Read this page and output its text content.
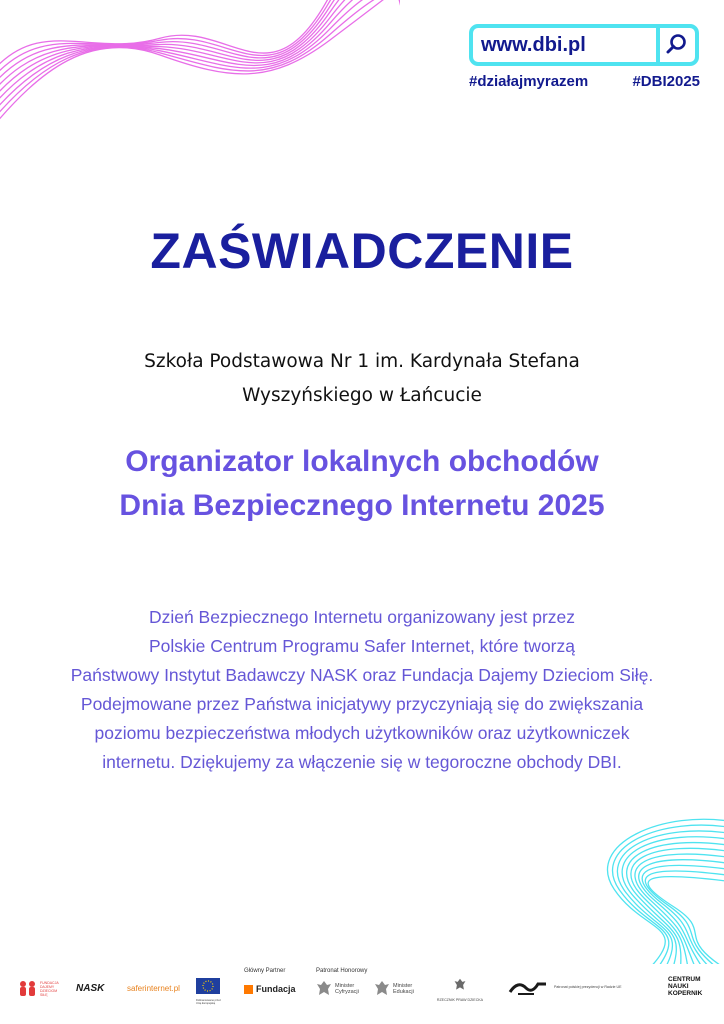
www.dbi.pl
#działajmyrazem	#DBI2025
ZAŚWIADCZENIE
Szkoła Podstawowa Nr 1 im. Kardynała Stefana
Wyszyńskiego w Łańcucie
Organizator lokalnych obchodów
Dnia Bezpiecznego Internetu 2025
Dzień Bezpiecznego Internetu organizowany jest przez
Polskie Centrum Programu Safer Internet, które tworzą
Państwowy Instytut Badawczy NASK oraz Fundacja Dajemy Dzieciom Siłę.
Podejmowane przez Państwa inicjatywy przyczyniają się do zwiększania
poziomu bezpieczeństwa młodych użytkowników oraz użytkowniczek
internetu. Dziękujemy za włączenie się w tegoroczne obchody DBI.
FUNDACJA DAJEMY DZIECIOM SIŁĘ
NASK	saferinternet.pl
Dofinansowane przez Unię Europejską
Główny Partner
Fundacja
Patronat Honorowy
Minister Cyfryzacji
Minister Edukacji
RZECZNIK PRAW DZIECKA
Patronat polskiej prezydencji w Radzie UE
CENTRUM NAUKI KOPERNIK
